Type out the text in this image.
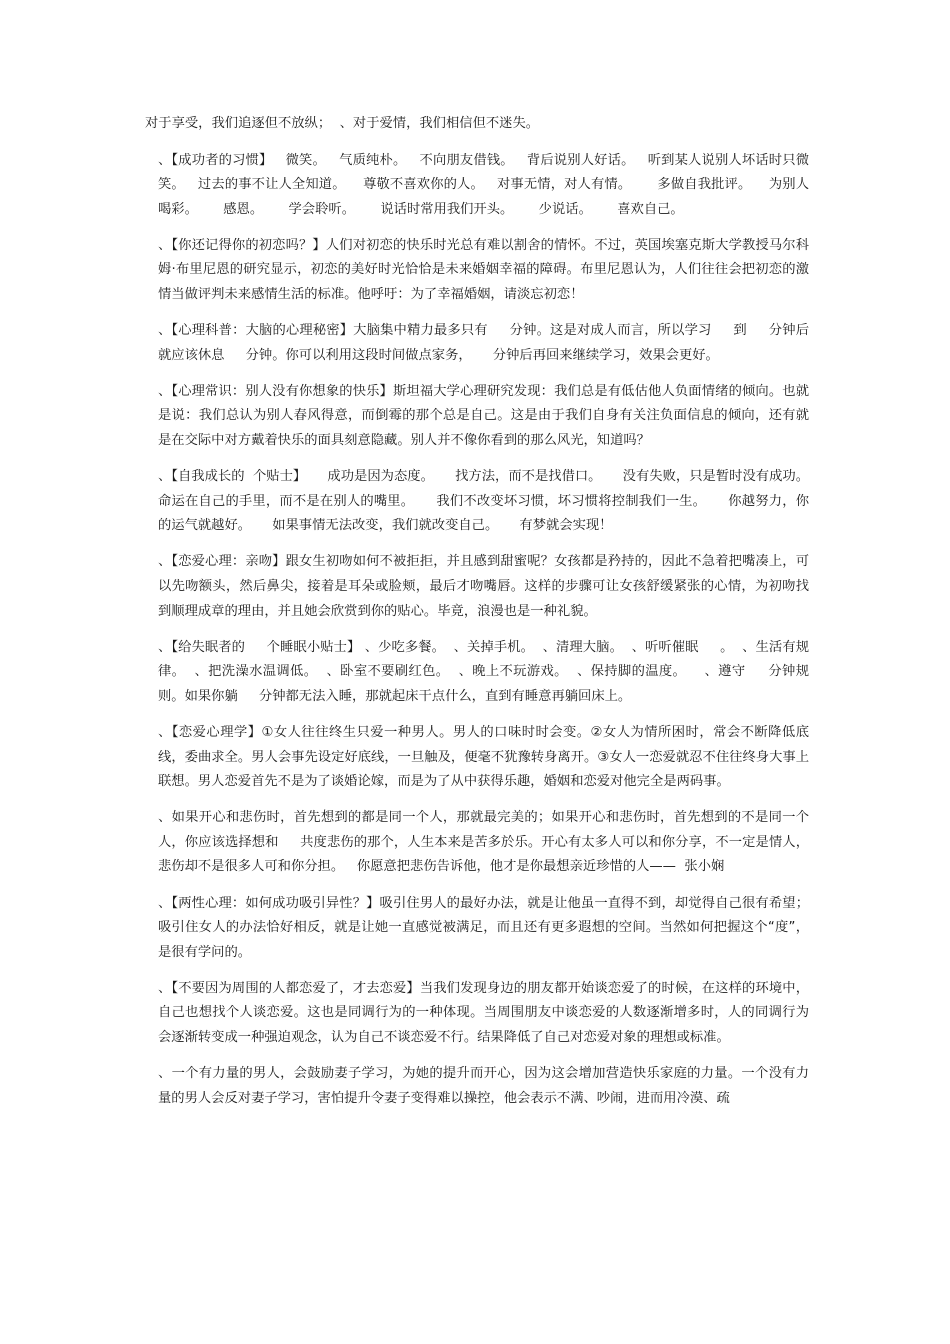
对于享受，我们追逐但不放纵；  、对于爱情，我们相信但不迷失。

、【成功者的习惯】   微笑。   气质纯朴。   不向朋友借钱。   背后说别人好话。   听到某人说别人坏话时只微笑。   过去的事不让人全知道。    尊敬不喜欢你的人。   对事无情，对人有情。      多做自我批评。    为别人喝彩。      感恩。      学会聆听。      说话时常用我们开头。      少说话。      喜欢自己。

、【你还记得你的初恋吗？】人们对初恋的快乐时光总有难以割舍的情怀。不过，英国埃塞克斯大学教授马尔科姆·布里尼恩的研究显示，初恋的美好时光恰恰是未来婚姻幸福的障碍。布里尼恩认为，人们往往会把初恋的激情当做评判未来感情生活的标准。他呼吁：为了幸福婚姻，请淡忘初恋！

、【心理科普：大脑的心理秘密】大脑集中精力最多只有     分钟。这是对成人而言，所以学习     到     分钟后就应该休息     分钟。你可以利用这段时间做点家务，     分钟后再回来继续学习，效果会更好。

、【心理常识：别人没有你想象的快乐】斯坦福大学心理研究发现：我们总是有低估他人负面情绪的倾向。也就是说：我们总认为别人春风得意，而倒霉的那个总是自己。这是由于我们自身有关注负面信息的倾向，还有就是在交际中对方戴着快乐的面具刻意隐藏。别人并不像你看到的那么风光，知道吗？

、【自我成长的  个贴士】     成功是因为态度。     找方法，而不是找借口。     没有失败，只是暂时没有成功。     命运在自己的手里，而不是在别人的嘴里。     我们不改变坏习惯，坏习惯将控制我们一生。     你越努力，你的运气就越好。     如果事情无法改变，我们就改变自己。     有梦就会实现！

、【恋爱心理：亲吻】跟女生初吻如何不被拒拒，并且感到甜蜜呢？女孩都是矜持的，因此不急着把嘴凑上，可以先吻额头，然后鼻尖，接着是耳朵或脸颊，最后才吻嘴唇。这样的步骤可让女孩舒缓紧张的心情，为初吻找到顺理成章的理由，并且她会欣赏到你的贴心。毕竟，浪漫也是一种礼貌。

、【给失眠者的     个睡眠小贴士】 、少吃多餐。  、关掉手机。  、清理大脑。  、听听催眠     。  、生活有规律。  、把洗澡水温调低。  、卧室不要刷红色。  、晚上不玩游戏。  、保持脚的温度。    、遵守     分钟规则。如果你躺     分钟都无法入睡，那就起床干点什么，直到有睡意再躺回床上。

、【恋爱心理学】①女人往往终生只爱一种男人。男人的口味时时会变。②女人为情所困时，常会不断降低底线，委曲求全。男人会事先设定好底线，一旦触及，便毫不犹豫转身离开。③女人一恋爱就忍不住往终身大事上联想。男人恋爱首先不是为了谈婚论嫁，而是为了从中获得乐趣，婚姻和恋爱对他完全是两码事。

、如果开心和悲伤时，首先想到的都是同一个人，那就最完美的；如果开心和悲伤时，首先想到的不是同一个人，你应该选择想和     共度悲伤的那个，人生本来是苦多於乐。开心有太多人可以和你分享，不一定是情人，悲伤却不是很多人可和你分担。   你愿意把悲伤告诉他，他才是你最想亲近珍惜的人——  张小娴

、【两性心理：如何成功吸引异性？】吸引住男人的最好办法，就是让他虽一直得不到，却觉得自己很有希望；吸引住女人的办法恰好相反，就是让她一直感觉被满足，而且还有更多遐想的空间。当然如何把握这个“度”，是很有学问的。

、【不要因为周围的人都恋爱了，才去恋爱】当我们发现身边的朋友都开始谈恋爱了的时候，在这样的环境中，自己也想找个人谈恋爱。这也是同调行为的一种体现。当周围朋友中谈恋爱的人数逐渐增多时，人的同调行为会逐渐转变成一种强迫观念，认为自己不谈恋爱不行。结果降低了自己对恋爱对象的理想或标准。

、一个有力量的男人，会鼓励妻子学习，为她的提升而开心，因为这会增加营造快乐家庭的力量。一个没有力量的男人会反对妻子学习，害怕提升令妻子变得难以操控，他会表示不满、吵闹，进而用冷漠、疏
